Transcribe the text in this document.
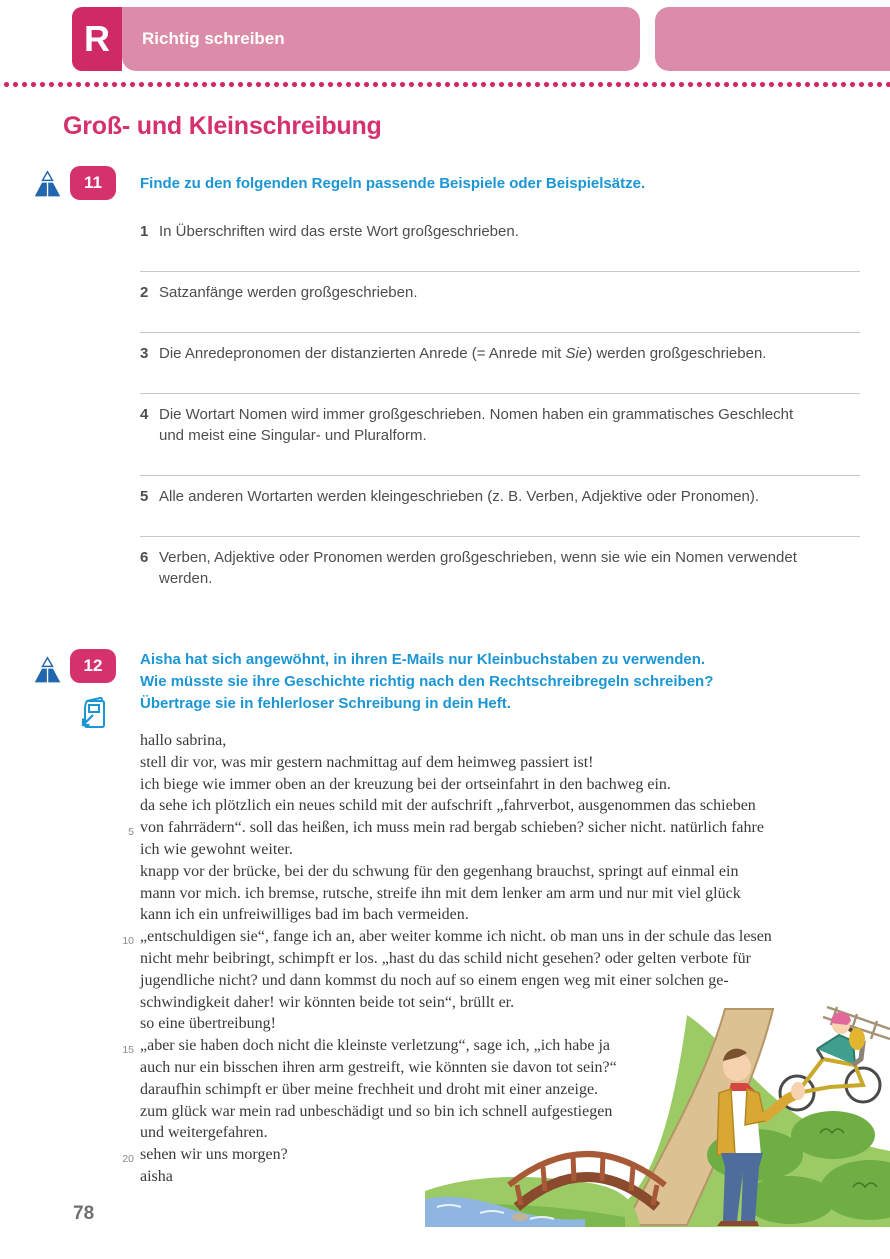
R	Richtig schreiben
Groß- und Kleinschreibung
11	Finde zu den folgenden Regeln passende Beispiele oder Beispielsätze.

1 In Überschriften wird das erste Wort großgeschrieben.
2 Satzanfänge werden großgeschrieben.
3 Die Anredepronomen der distanzierten Anrede (= Anrede mit Sie) werden großgeschrieben.
4 Die Wortart Nomen wird immer großgeschrieben. Nomen haben ein grammatisches Geschlecht und meist eine Singular- und Pluralform.
5 Alle anderen Wortarten werden kleingeschrieben (z. B. Verben, Adjektive oder Pronomen).
6 Verben, Adjektive oder Pronomen werden großgeschrieben, wenn sie wie ein Nomen verwendet werden.
12	Aisha hat sich angewöhnt, in ihren E-Mails nur Kleinbuchstaben zu verwenden.
Wie müsste sie ihre Geschichte richtig nach den Rechtschreibregeln schreiben?
Übertrage sie in fehlerloser Schreibung in dein Heft.
hallo sabrina,
stell dir vor, was mir gestern nachmittag auf dem heimweg passiert ist!
ich biege wie immer oben an der kreuzung bei der ortseinfahrt in den bachweg ein.
da sehe ich plötzlich ein neues schild mit der aufschrift „fahrverbot, ausgenommen das schieben
5 von fahrrädern“. soll das heißen, ich muss mein rad bergab schieben? sicher nicht. natürlich fahre
ich wie gewohnt weiter.
knapp vor der brücke, bei der du schwung für den gegenhang brauchst, springt auf einmal ein
mann vor mich. ich bremse, rutsche, streife ihn mit dem lenker am arm und nur mit viel glück
kann ich ein unfreiwilliges bad im bach vermeiden.
10 „entschuldigen sie“, fange ich an, aber weiter komme ich nicht. ob man uns in der schule das lesen
nicht mehr beibringt, schimpft er los. „hast du das schild nicht gesehen? oder gelten verbote für
jugendliche nicht? und dann kommst du noch auf so einem engen weg mit einer solchen ge-
schwindigkeit daher! wir könnten beide tot sein“, brüllt er.
so eine übertreibung!
15 „aber sie haben doch nicht die kleinste verletzung“, sage ich, „ich habe ja
auch nur ein bisschen ihren arm gestreift, wie könnten sie davon tot sein?“
daraufhin schimpft er über meine frechheit und droht mit einer anzeige.
zum glück war mein rad unbeschädigt und so bin ich schnell aufgestiegen
und weitergefahren.
20 sehen wir uns morgen?
aisha
78
